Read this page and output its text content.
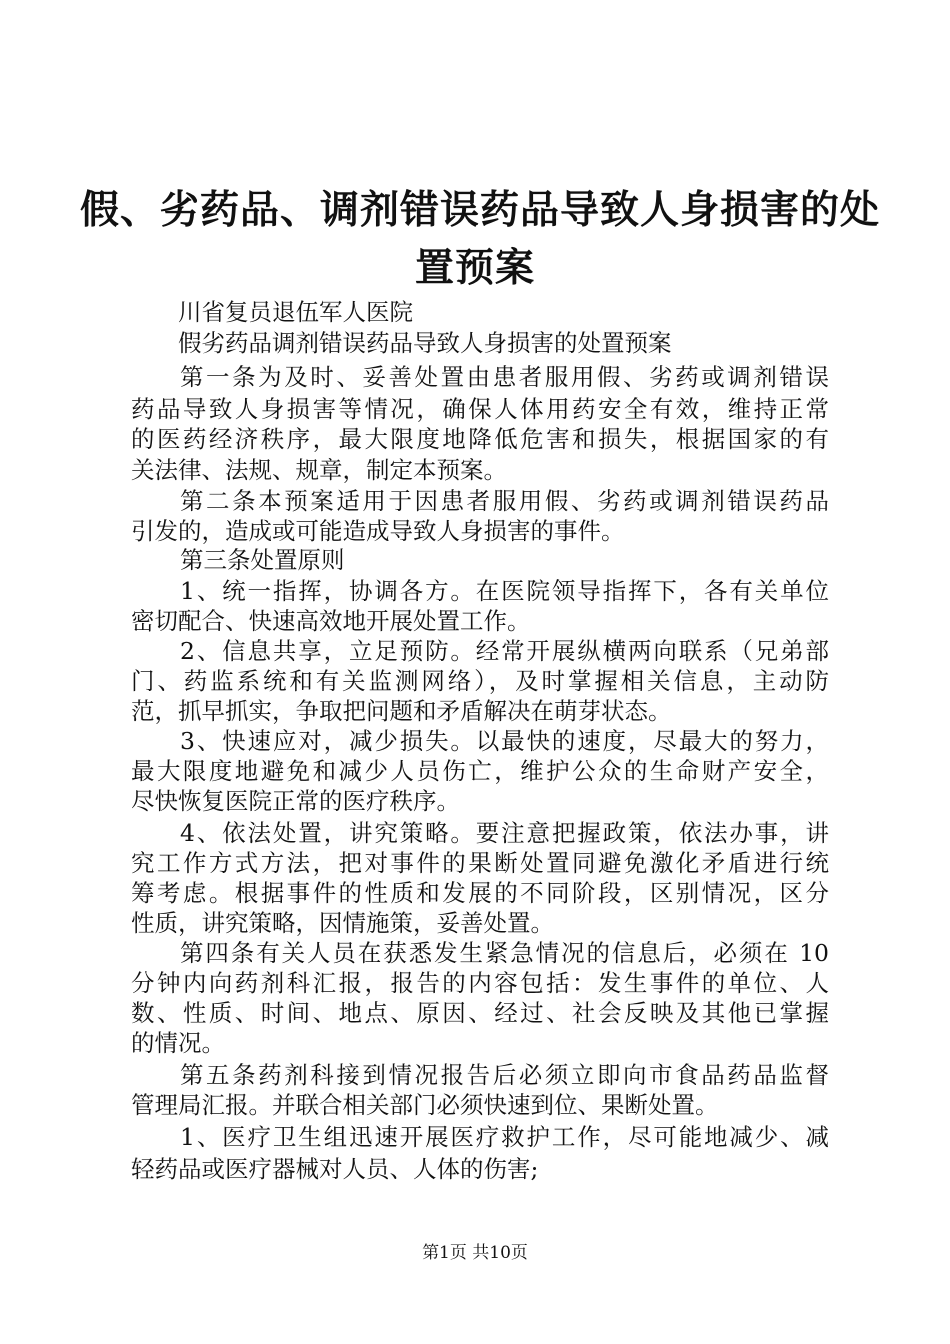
假、劣药品、调剂错误药品导致人身损害的处
置预案

川省复员退伍军人医院

假劣药品调剂错误药品导致人身损害的处置预案

第一条为及时、妥善处置由患者服用假、劣药或调剂错误

药品导致人身损害等情况，确保人体用药安全有效，维持正常

的医药经济秩序，最大限度地降低危害和损失，根据国家的有

关法律、法规、规章，制定本预案。

第二条本预案适用于因患者服用假、劣药或调剂错误药品

引发的，造成或可能造成导致人身损害的事件。

第三条处置原则

1、统一指挥，协调各方。在医院领导指挥下，各有关单位

密切配合、快速高效地开展处置工作。

2、信息共享，立足预防。经常开展纵横两向联系（兄弟部

门、药监系统和有关监测网络），及时掌握相关信息，主动防

范，抓早抓实，争取把问题和矛盾解决在萌芽状态。

3、快速应对，减少损失。以最快的速度，尽最大的努力，

最大限度地避免和减少人员伤亡，维护公众的生命财产安全，

尽快恢复医院正常的医疗秩序。

4、依法处置，讲究策略。要注意把握政策，依法办事，讲

究工作方式方法，把对事件的果断处置同避免激化矛盾进行统

筹考虑。根据事件的性质和发展的不同阶段，区别情况，区分

性质，讲究策略，因情施策，妥善处置。

第四条有关人员在获悉发生紧急情况的信息后，必须在 10

分钟内向药剂科汇报，报告的内容包括：发生事件的单位、人

数、性质、时间、地点、原因、经过、社会反映及其他已掌握

的情况。

第五条药剂科接到情况报告后必须立即向市食品药品监督

管理局汇报。并联合相关部门必须快速到位、果断处置。

1、医疗卫生组迅速开展医疗救护工作，尽可能地减少、减

轻药品或医疗器械对人员、人体的伤害;

第1页 共10页
